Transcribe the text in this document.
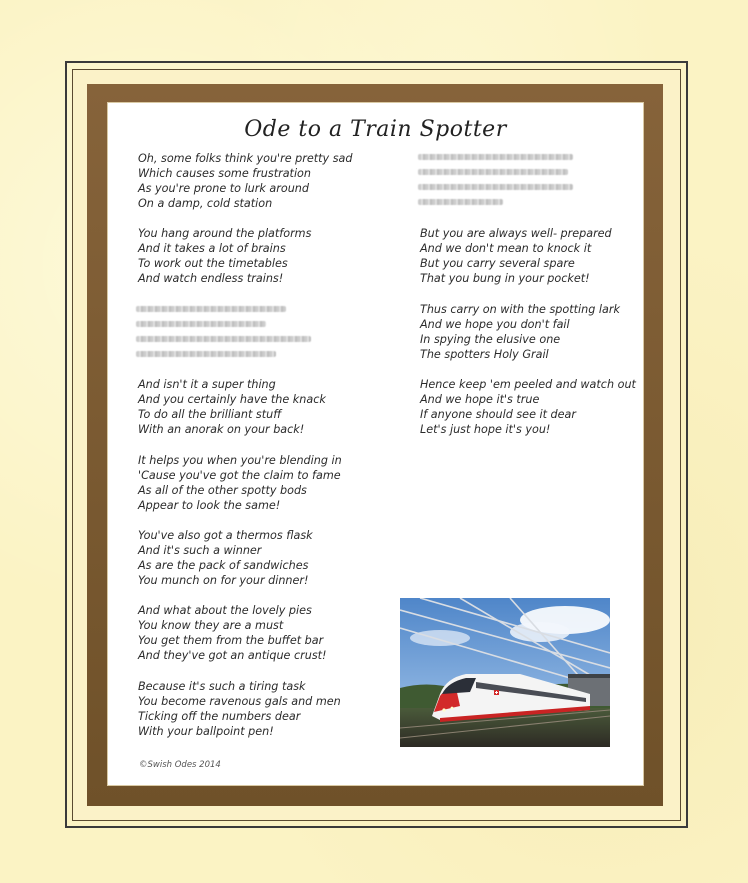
Ode to a Train Spotter

Oh, some folks think you're pretty sad
Which causes some frustration
As you're prone to lurk around
On a damp, cold station

You hang around the platforms
And it takes a lot of brains
To work out the timetables
And watch endless trains!

And isn't it a super thing
And you certainly have the knack
To do all the brilliant stuff
With an anorak on your back!

It helps you when you're blending in
'Cause you've got the claim to fame
As all of the other spotty bods
Appear to look the same!

You've also got a thermos flask
And it's such a winner
As are the pack of sandwiches
You munch on for your dinner!

And what about the lovely pies
You know they are a must
You get them from the buffet bar
And they've got an antique crust!

Because it's such a tiring task
You become ravenous gals and men
Ticking off the numbers dear
With your ballpoint pen!

But you are always well- prepared
And we don't mean to knock it
But you carry several spare
That you bung in your pocket!

Thus carry on with the spotting lark
And we hope you don't fail
In spying the elusive one
The spotters Holy Grail

Hence keep 'em peeled and watch out
And we hope it's true
If anyone should see it dear
Let's just hope it's you!

©Swish Odes 2014
